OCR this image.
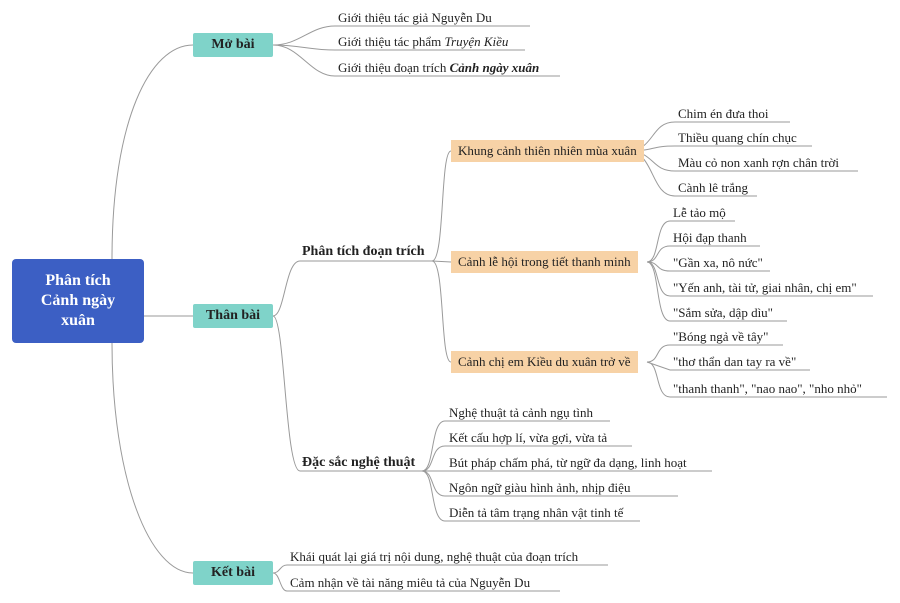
Phân tích
Cảnh ngày
xuân
Mở bài
Giới thiệu tác giả Nguyễn Du
Giới thiệu tác phẩm Truyện Kiều
Giới thiệu đoạn trích Cảnh ngày xuân
Thân bài
Phân tích đoạn trích
Đặc sắc nghệ thuật
Khung cảnh thiên nhiên mùa xuân
Cảnh lễ hội trong tiết thanh minh
Cảnh chị em Kiều du xuân trở về
Chim én đưa thoi
Thiều quang chín chục
Màu cỏ non xanh rợn chân trời
Cành lê trắng
Lễ tảo mộ
Hội đạp thanh
"Gần xa, nô nức"
"Yến anh, tài tử, giai nhân, chị em"
"Sắm sửa, dập dìu"
"Bóng ngả về tây"
"thơ thẩn dan tay ra về"
"thanh thanh", "nao nao", "nho nhỏ"
Nghệ thuật tả cảnh ngụ tình
Kết cấu hợp lí, vừa gợi, vừa tả
Bút pháp chấm phá, từ ngữ đa dạng, linh hoạt
Ngôn ngữ giàu hình ảnh, nhịp điệu
Diễn tả tâm trạng nhân vật tinh tế
Kết bài
Khái quát lại giá trị nội dung, nghệ thuật của đoạn trích
Cảm nhận về tài năng miêu tả của Nguyễn Du
